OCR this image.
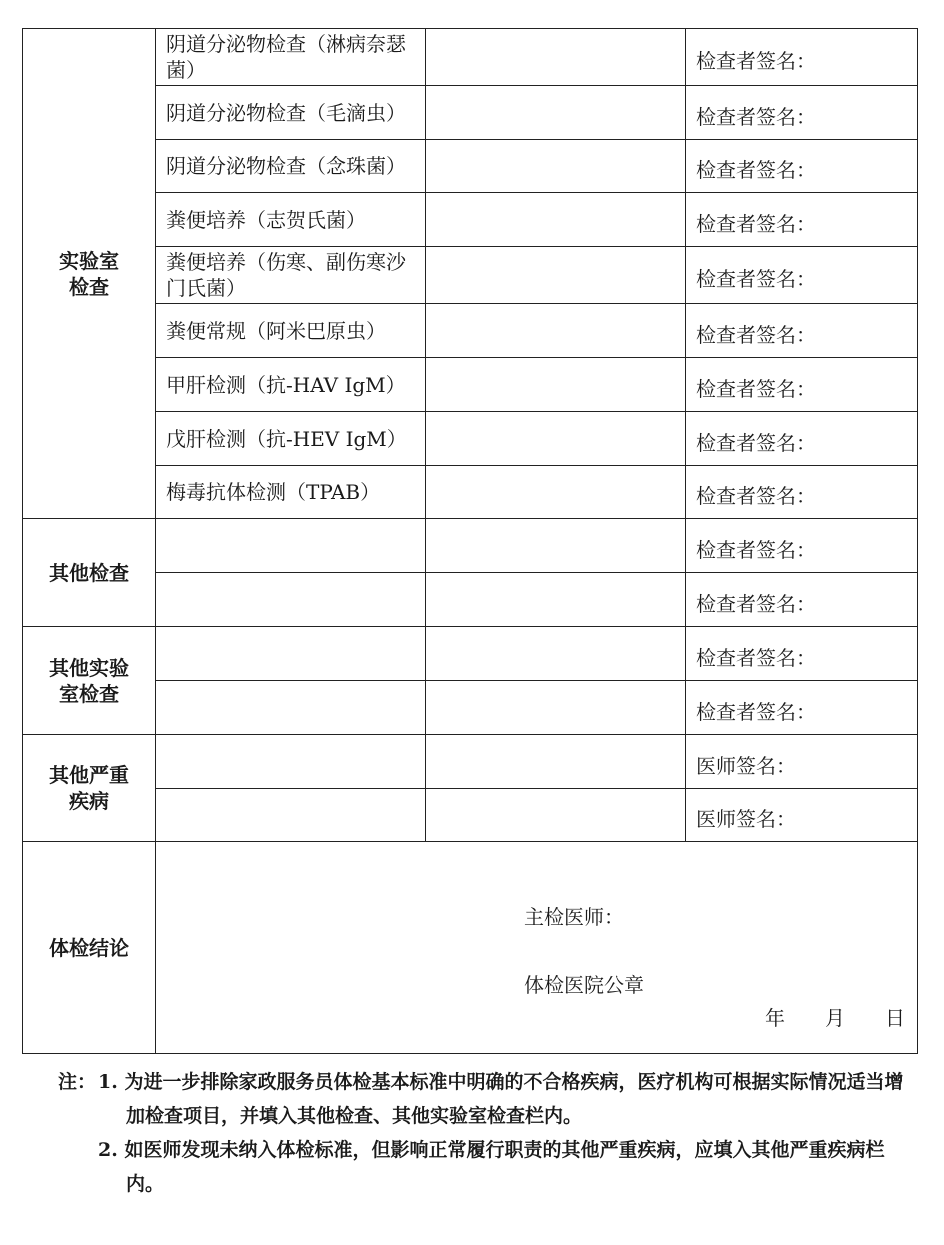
实验室
检查	阴道分泌物检查（淋病奈瑟菌）		检查者签名：
	阴道分泌物检查（毛滴虫）		检查者签名：
	阴道分泌物检查（念珠菌）		检查者签名：
	粪便培养（志贺氏菌）		检查者签名：
	粪便培养（伤寒、副伤寒沙门氏菌）		检查者签名：
	粪便常规（阿米巴原虫）		检查者签名：
	甲肝检测（抗-HAV IgM）		检查者签名：
	戊肝检测（抗-HEV IgM）		检查者签名：
	梅毒抗体检测（TPAB）		检查者签名：
其他检查			检查者签名：
			检查者签名：

其他实验
室检查			检查者签名：
			检查者签名：

其他严重
疾病			医师签名：
			医师签名：
体检结论	主检医师：
体检医院公章
年 月 日		
注： 1. 为进一步排除家政服务员体检基本标准中明确的不合格疾病，医疗机构可根据实际情况适当增加检查项目，并填入其他检查、其他实验室检查栏内。
2. 如医师发现未纳入体检标准，但影响正常履行职责的其他严重疾病，应填入其他严重疾病栏内。
